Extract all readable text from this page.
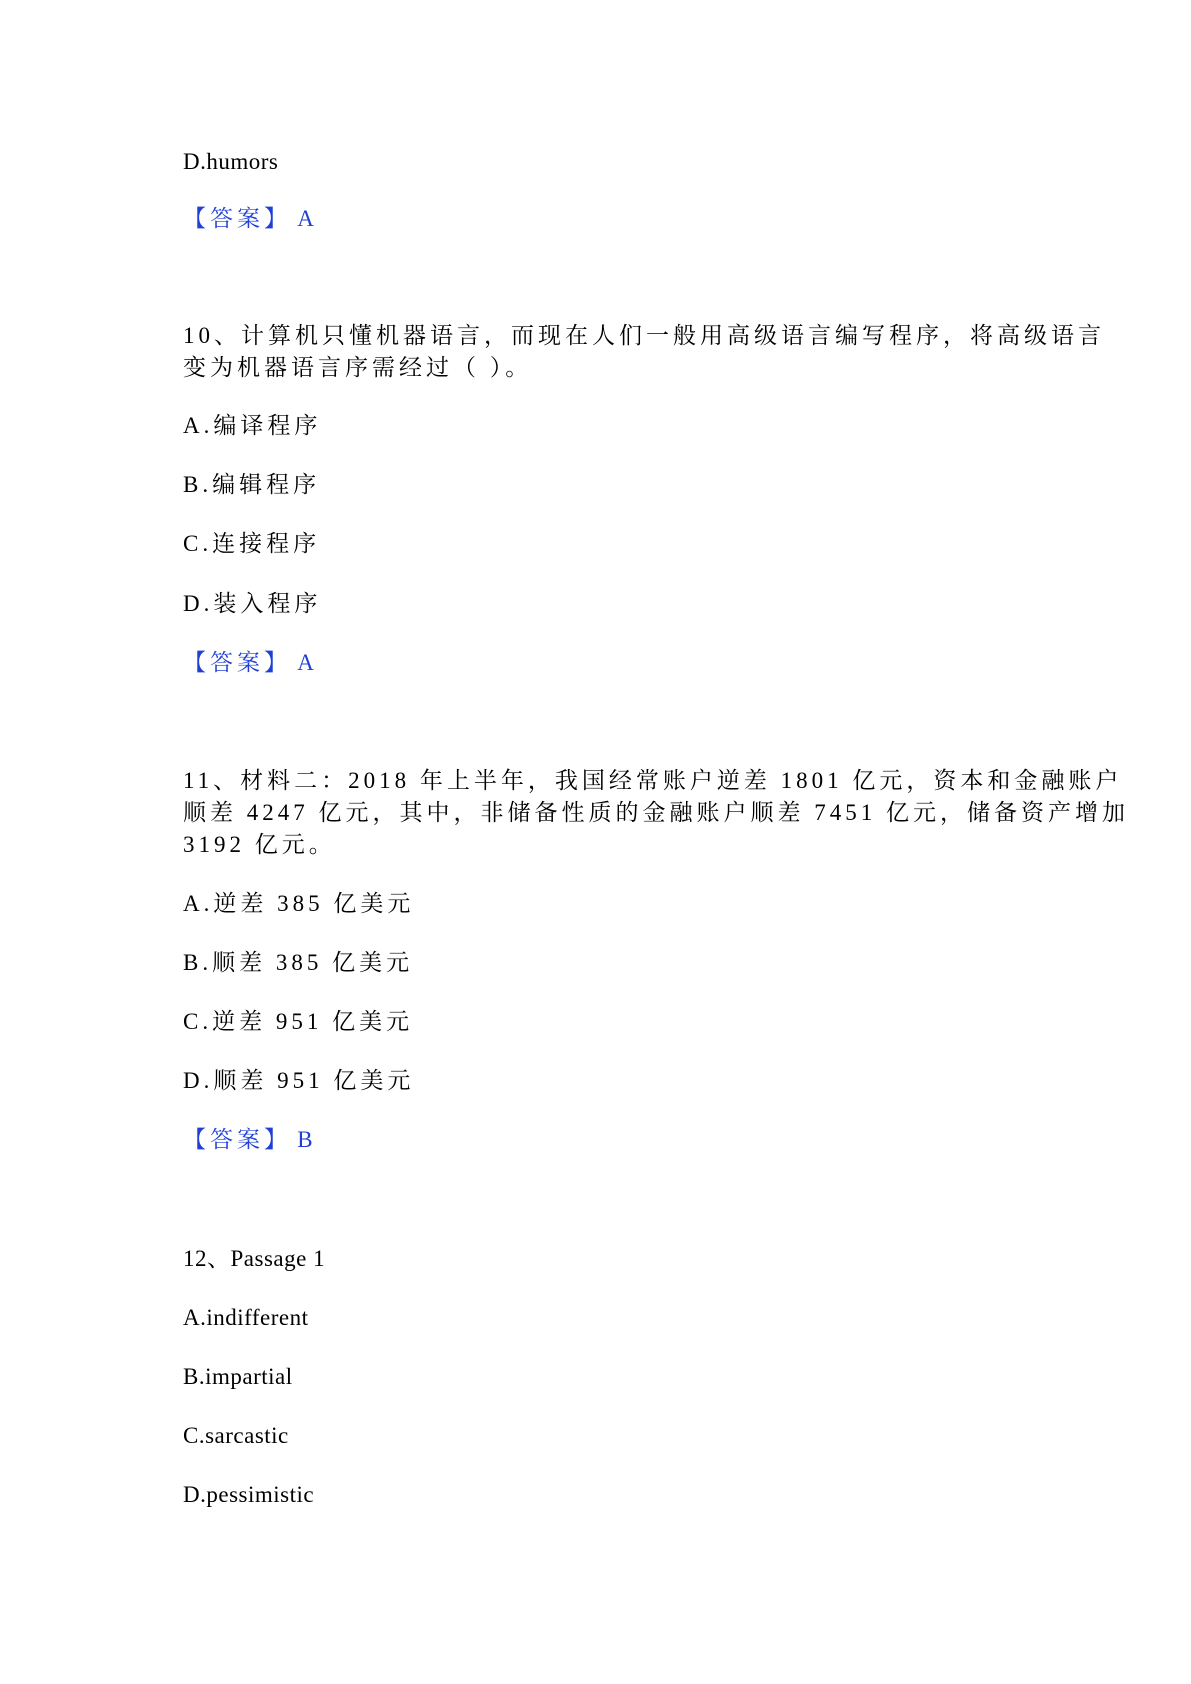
D.humors
【答案】 A
10、计算机只懂机器语言，而现在人们一般用高级语言编写程序，将高级语言
变为机器语言序需经过（ ）。
A.编译程序
B.编辑程序
C.连接程序
D.装入程序
【答案】 A
11、材料二：2018 年上半年，我国经常账户逆差 1801 亿元，资本和金融账户
顺差 4247 亿元，其中，非储备性质的金融账户顺差 7451 亿元，储备资产增加
3192 亿元。
A.逆差 385 亿美元
B.顺差 385 亿美元
C.逆差 951 亿美元
D.顺差 951 亿美元
【答案】 B
12、Passage 1
A.indifferent
B.impartial
C.sarcastic
D.pessimistic
